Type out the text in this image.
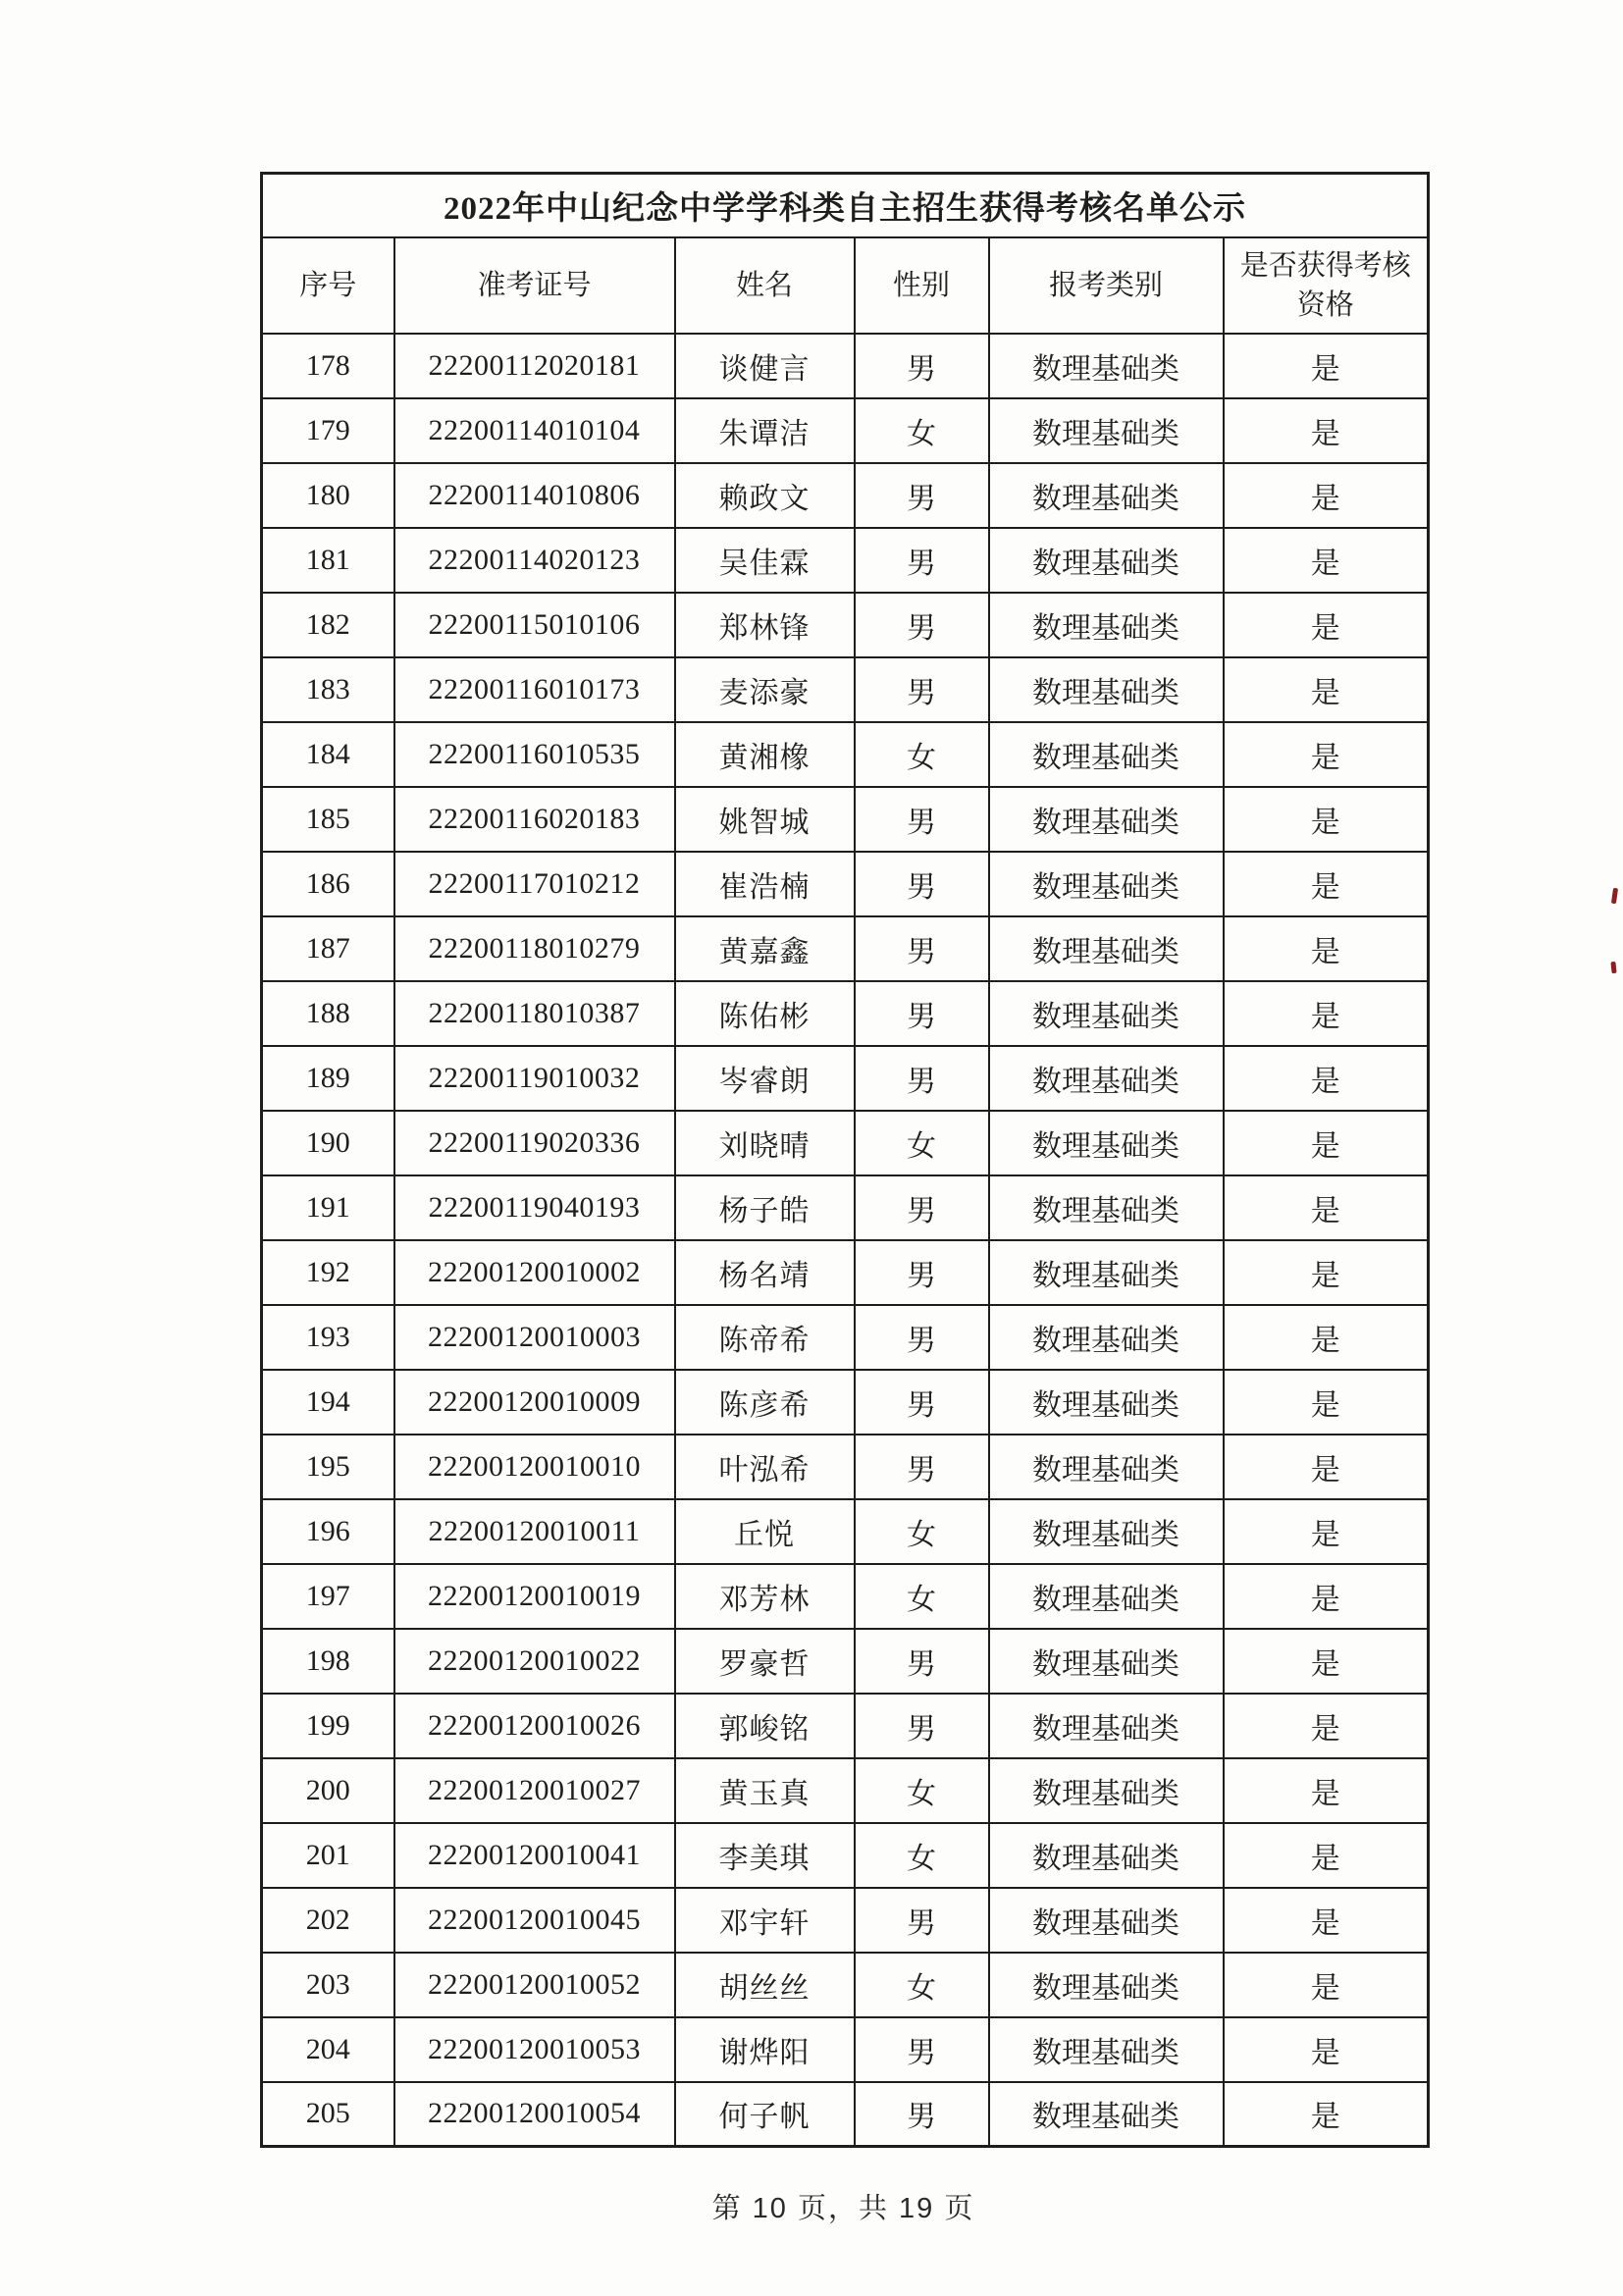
2022年中山纪念中学学科类自主招生获得考核名单公示					
序号	准考证号	姓名	性别	报考类别	是否获得考核资格
178	22200112020181	谈健言	男	数理基础类	是
179	22200114010104	朱谭洁	女	数理基础类	是
180	22200114010806	赖政文	男	数理基础类	是
181	22200114020123	吴佳霖	男	数理基础类	是
182	22200115010106	郑林锋	男	数理基础类	是
183	22200116010173	麦添豪	男	数理基础类	是
184	22200116010535	黄湘橡	女	数理基础类	是
185	22200116020183	姚智城	男	数理基础类	是
186	22200117010212	崔浩楠	男	数理基础类	是
187	22200118010279	黄嘉鑫	男	数理基础类	是
188	22200118010387	陈佑彬	男	数理基础类	是
189	22200119010032	岑睿朗	男	数理基础类	是
190	22200119020336	刘晓晴	女	数理基础类	是
191	22200119040193	杨子皓	男	数理基础类	是
192	22200120010002	杨名靖	男	数理基础类	是
193	22200120010003	陈帝希	男	数理基础类	是
194	22200120010009	陈彦希	男	数理基础类	是
195	22200120010010	叶泓希	男	数理基础类	是
196	22200120010011	丘悦	女	数理基础类	是
197	22200120010019	邓芳林	女	数理基础类	是
198	22200120010022	罗豪哲	男	数理基础类	是
199	22200120010026	郭峻铭	男	数理基础类	是
200	22200120010027	黄玉真	女	数理基础类	是
201	22200120010041	李美琪	女	数理基础类	是
202	22200120010045	邓宇轩	男	数理基础类	是
203	22200120010052	胡丝丝	女	数理基础类	是
204	22200120010053	谢烨阳	男	数理基础类	是
205	22200120010054	何子帆	男	数理基础类	是
第 10 页，共 19 页
